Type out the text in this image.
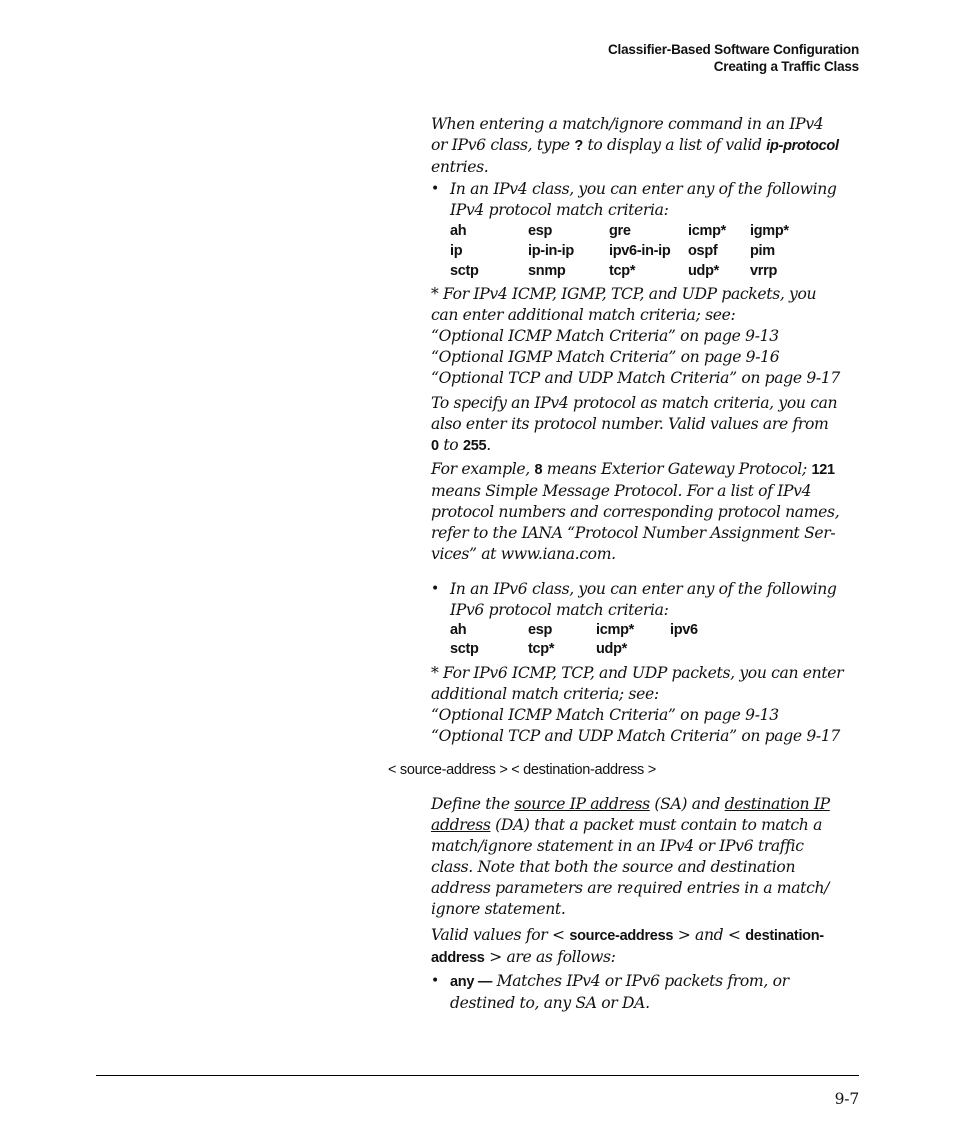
Classifier-Based Software Configuration
Creating a Traffic Class
When entering a match/ignore command in an IPv4
or IPv6 class, type ? to display a list of valid ip-protocol
entries.
• In an IPv4 class, you can enter any of the following
IPv4 protocol match criteria:
ah	esp	gre	icmp* igmp*
ip	ip-in-ip ipv6-in-ip ospf pim
sctp	snmp	tcp*	udp* vrrp
* For IPv4 ICMP, IGMP, TCP, and UDP packets, you
can enter additional match criteria; see:
“Optional ICMP Match Criteria” on page 9-13
“Optional IGMP Match Criteria” on page 9-16
“Optional TCP and UDP Match Criteria” on page 9-17
To specify an IPv4 protocol as match criteria, you can
also enter its protocol number. Valid values are from
0 to 255.
For example, 8 means Exterior Gateway Protocol; 121
means Simple Message Protocol. For a list of IPv4
protocol numbers and corresponding protocol names,
refer to the IANA “Protocol Number Assignment Ser-
vices” at www.iana.com.
• In an IPv6 class, you can enter any of the following
IPv6 protocol match criteria:
ah	esp	icmp* ipv6
sctp	tcp*	udp*
* For IPv6 ICMP, TCP, and UDP packets, you can enter
additional match criteria; see:
“Optional ICMP Match Criteria” on page 9-13
“Optional TCP and UDP Match Criteria” on page 9-17
< source-address > < destination-address >
Define the source IP address (SA) and destination IP
address (DA) that a packet must contain to match a
match/ignore statement in an IPv4 or IPv6 traffic
class. Note that both the source and destination
address parameters are required entries in a match/
ignore statement.
Valid values for < source-address > and < destination-
address > are as follows:
• any — Matches IPv4 or IPv6 packets from, or
destined to, any SA or DA.
9-7
